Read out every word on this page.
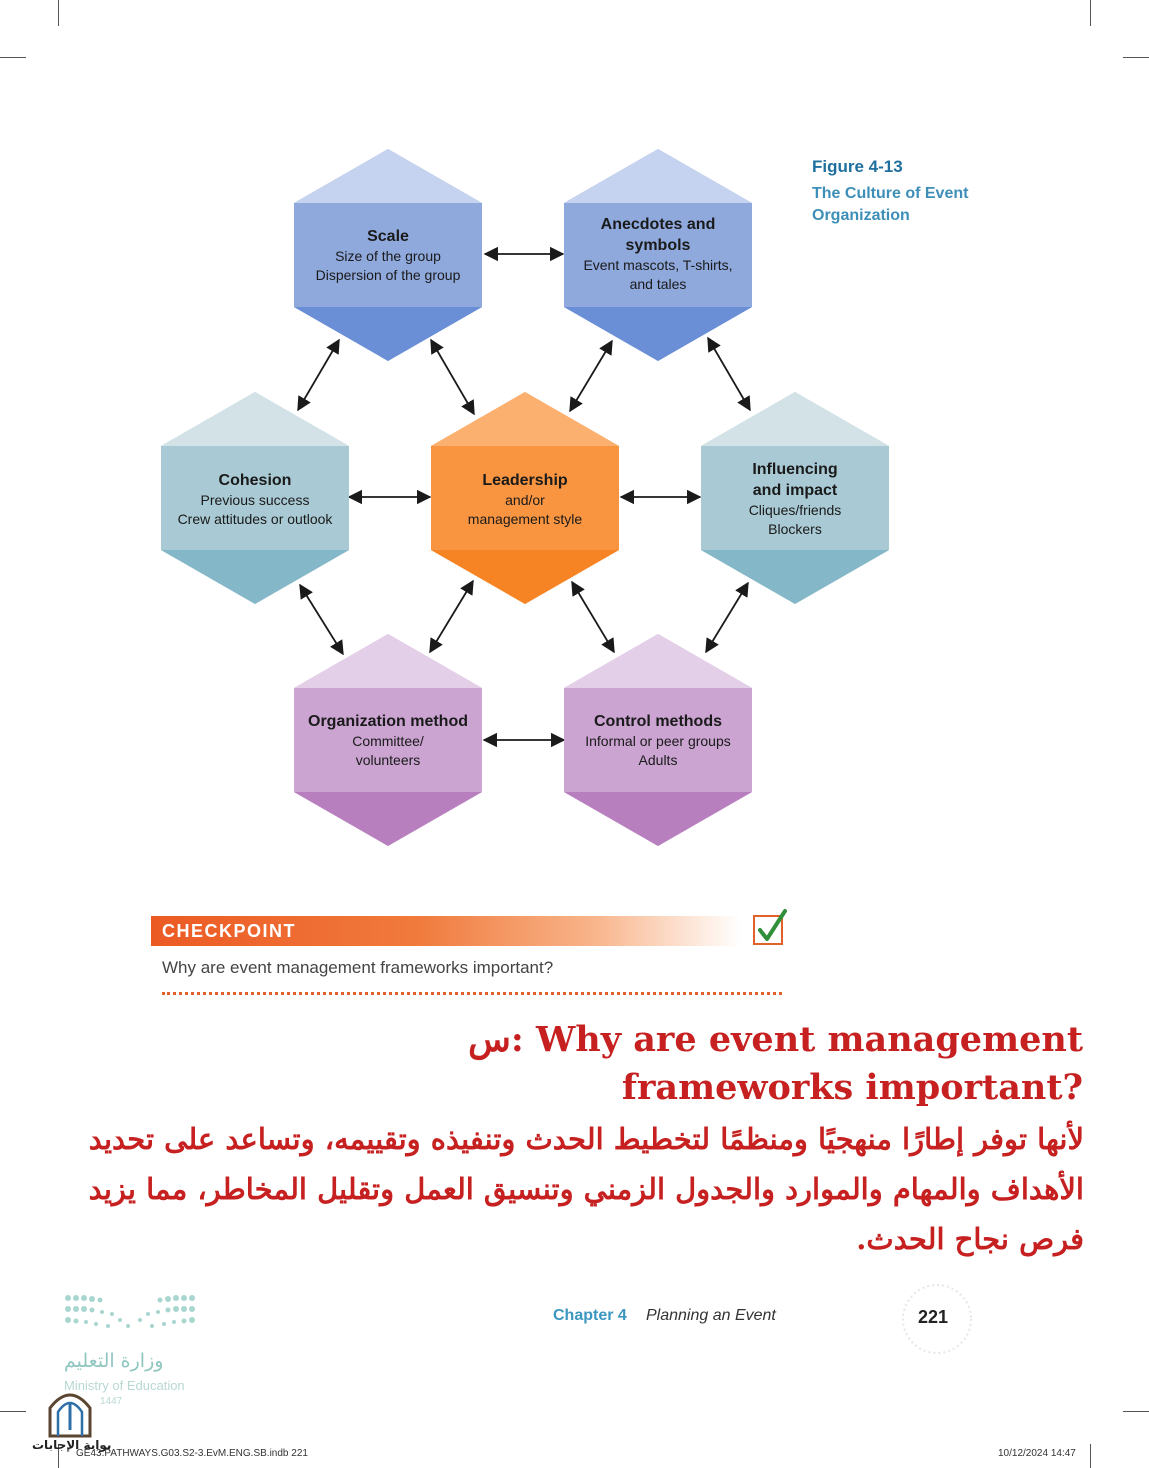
Figure 4-13
The Culture of Event Organization
Scale
Size of the group
Dispersion of the group
Anecdotes and symbols
Event mascots, T-shirts,
and tales
Cohesion
Previous success
Crew attitudes or outlook
Leadership
and/or
management style
Influencing and impact
Cliques/friends
Blockers
Organization method
Committee/
volunteers
Control methods
Informal or peer groups
Adults
CHECKPOINT
Why are event management frameworks important?
س: Why are event management frameworks important?
لأنها توفر إطارًا منهجيًا ومنظمًا لتخطيط الحدث وتنفيذه وتقييمه، وتساعد على تحديد الأهداف والمهام والموارد والجدول الزمني وتنسيق العمل وتقليل المخاطر، مما يزيد فرص نجاح الحدث.
Chapter 4 Planning an Event	221
وزارة التعليم
Ministry of Education
1447
بوابة الإجابات
GE43.PATHWAYS.G03.S2-3.EvM.ENG.SB.indb 221	10/12/2024 14:47
